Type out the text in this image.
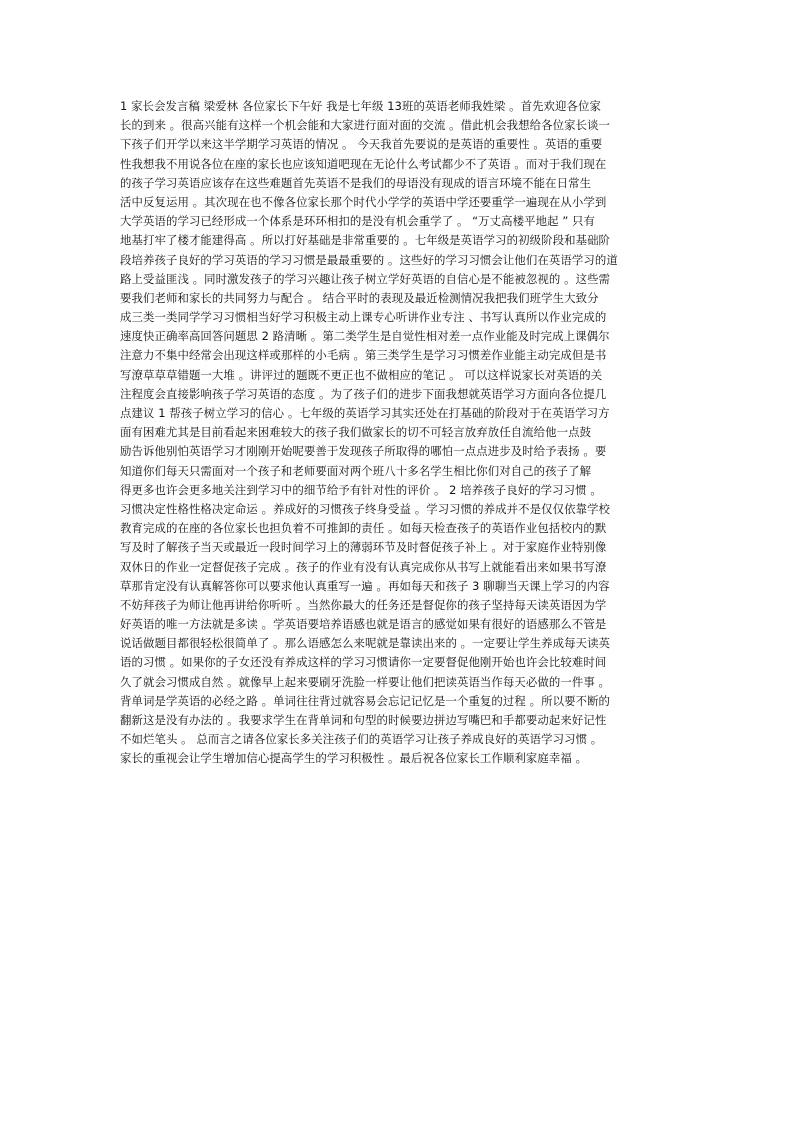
1 家长会发言稿 梁爱林 各位家长下午好 我是七年级 13班的英语老师我姓梁 。首先欢迎各位家
长的到来 。很高兴能有这样一个机会能和大家进行面对面的交流 。借此机会我想给各位家长谈一
下孩子们开学以来这半学期学习英语的情况 。 今天我首先要说的是英语的重要性 。英语的重要
性我想我不用说各位在座的家长也应该知道吧现在无论什么考试都少不了英语 。而对于我们现在
的孩子学习英语应该存在这些难题首先英语不是我们的母语没有现成的语言环境不能在日常生
活中反复运用 。其次现在也不像各位家长那个时代小学学的英语中学还要重学一遍现在从小学到
大学英语的学习已经形成一个体系是环环相扣的是没有机会重学了 。 “万丈高楼平地起 ” 只有
地基打牢了楼才能建得高 。所以打好基础是非常重要的 。七年级是英语学习的初级阶段和基础阶
段培养孩子良好的学习英语的学习习惯是最最重要的 。这些好的学习习惯会让他们在英语学习的道
路上受益匪浅 。同时激发孩子的学习兴趣让孩子树立学好英语的自信心是不能被忽视的 。这些需
要我们老师和家长的共同努力与配合 。 结合平时的表现及最近检测情况我把我们班学生大致分
成三类一类同学学习习惯相当好学习积极主动上课专心听讲作业专注 、书写认真所以作业完成的
速度快正确率高回答问题思 2 路清晰 。第二类学生是自觉性相对差一点作业能及时完成上课偶尔
注意力不集中经常会出现这样或那样的小毛病 。第三类学生是学习习惯差作业能主动完成但是书
写潦草草草错题一大堆 。讲评过的题既不更正也不做相应的笔记 。 可以这样说家长对英语的关
注程度会直接影响孩子学习英语的态度 。为了孩子们的进步下面我想就英语学习方面向各位提几
点建议 1 帮孩子树立学习的信心 。七年级的英语学习其实还处在打基础的阶段对于在英语学习方
面有困难尤其是目前看起来困难较大的孩子我们做家长的切不可轻言放弃放任自流给他一点鼓
励告诉他别怕英语学习才刚刚开始呢要善于发现孩子所取得的哪怕一点点进步及时给予表扬 。要
知道你们每天只需面对一个孩子和老师要面对两个班八十多名学生相比你们对自己的孩子了解
得更多也许会更多地关注到学习中的细节给予有针对性的评价 。 2 培养孩子良好的学习习惯 。
习惯决定性格性格决定命运 。养成好的习惯孩子终身受益 。学习习惯的养成并不是仅仅依靠学校
教育完成的在座的各位家长也担负着不可推卸的责任 。如每天检查孩子的英语作业包括校内的默
写及时了解孩子当天或最近一段时间学习上的薄弱环节及时督促孩子补上 。对于家庭作业特别像
双休日的作业一定督促孩子完成 。孩子的作业有没有认真完成你从书写上就能看出来如果书写潦
草那肯定没有认真解答你可以要求他认真重写一遍 。再如每天和孩子 3 聊聊当天课上学习的内容
不妨拜孩子为师让他再讲给你听听 。当然你最大的任务还是督促你的孩子坚持每天读英语因为学
好英语的唯一方法就是多读 。学英语要培养语感也就是语言的感觉如果有很好的语感那么不管是
说话做题目都很轻松很简单了 。那么语感怎么来呢就是靠读出来的 。一定要让学生养成每天读英
语的习惯 。如果你的子女还没有养成这样的学习习惯请你一定要督促他刚开始也许会比较难时间
久了就会习惯成自然 。就像早上起来要刷牙洗脸一样要让他们把读英语当作每天必做的一件事 。
背单词是学英语的必经之路 。单词往往背过就容易会忘记记忆是一个重复的过程 。所以要不断的
翻新这是没有办法的 。我要求学生在背单词和句型的时候要边拼边写嘴巴和手都要动起来好记性
不如烂笔头 。 总而言之请各位家长多关注孩子们的英语学习让孩子养成良好的英语学习习惯 。
家长的重视会让学生增加信心提高学生的学习积极性 。最后祝各位家长工作顺利家庭幸福 。
